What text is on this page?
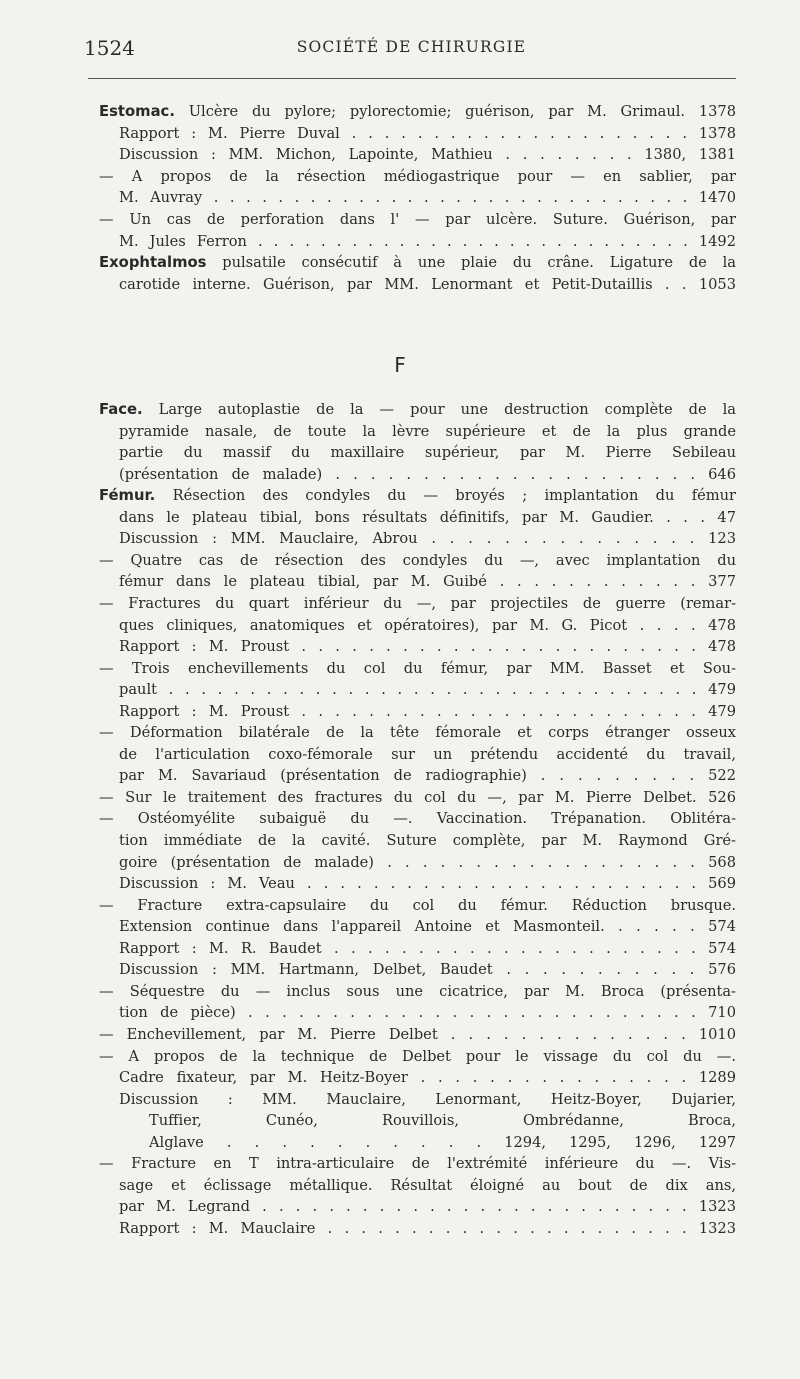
1524	SOCIÉTÉ DE CHIRURGIE
Estomac. Ulcère du pylore; pylorectomie; guérison, par M. Grimaul. 1378
Rapport : M. Pierre Duval . . . . . . . . . . . . . . . . . . . . . 1378
Discussion : MM. Michon, Lapointe, Mathieu . . . . . . . . 1380, 1381
— A propos de la résection médiogastrique pour — en sablier, par
M. Auvray . . . . . . . . . . . . . . . . . . . . . . . . . . . . . . 1470
— Un cas de perforation dans l' — par ulcère. Suture. Guérison, par
M. Jules Ferron . . . . . . . . . . . . . . . . . . . . . . . . . . . . 1492
Exophtalmos pulsatile consécutif à une plaie du crâne. Ligature de la
carotide interne. Guérison, par MM. Lenormant et Petit-Dutaillis . . 1053
F
Face. Large autoplastie de la — pour une destruction complète de la
pyramide nasale, de toute la lèvre supérieure et de la plus grande
partie du massif du maxillaire supérieur, par M. Pierre Sebileau
(présentation de malade) . . . . . . . . . . . . . . . . . . . . . 646
Fémur. Résection des condyles du — broyés ; implantation du fémur
dans le plateau tibial, bons résultats définitifs, par M. Gaudier. . . . 47
Discussion : MM. Mauclaire, Abrou . . . . . . . . . . . . . . . 123
— Quatre cas de résection des condyles du —, avec implantation du
fémur dans le plateau tibial, par M. Guibé . . . . . . . . . . . . 377
— Fractures du quart inférieur du —, par projectiles de guerre (remar-
ques cliniques, anatomiques et opératoires), par M. G. Picot . . . . 478
Rapport : M. Proust . . . . . . . . . . . . . . . . . . . . . . . . 478
— Trois enchevillements du col du fémur, par MM. Basset et Sou-
pault . . . . . . . . . . . . . . . . . . . . . . . . . . . . . . . . . 479
Rapport : M. Proust . . . . . . . . . . . . . . . . . . . . . . . . 479
— Déformation bilatérale de la tête fémorale et corps étranger osseux
de l'articulation coxo-fémorale sur un prétendu accidenté du travail,
par M. Savariaud (présentation de radiographie) . . . . . . . . . 522
— Sur le traitement des fractures du col du —, par M. Pierre Delbet. 526
— Ostéomyélite subaiguë du —. Vaccination. Trépanation. Oblitéra-
tion immédiate de la cavité. Suture complète, par M. Raymond Gré-
goire (présentation de malade) . . . . . . . . . . . . . . . . . . 568
Discussion : M. Veau . . . . . . . . . . . . . . . . . . . . . . . . 569
— Fracture extra-capsulaire du col du fémur. Réduction brusque.
Extension continue dans l'appareil Antoine et Masmonteil. . . . . . 574
Rapport : M. R. Baudet . . . . . . . . . . . . . . . . . . . . . . 574
Discussion : MM. Hartmann, Delbet, Baudet . . . . . . . . . . . 576
— Séquestre du — inclus sous une cicatrice, par M. Broca (présenta-
tion de pièce) . . . . . . . . . . . . . . . . . . . . . . . . . . . 710
— Enchevillement, par M. Pierre Delbet . . . . . . . . . . . . . . 1010
— A propos de la technique de Delbet pour le vissage du col du —.
Cadre fixateur, par M. Heitz-Boyer . . . . . . . . . . . . . . . . 1289
Discussion : MM. Mauclaire, Lenormant, Heitz-Boyer, Dujarier,
Tuffier, Cunéo, Rouvillois, Ombrédanne, Broca,
Alglave . . . . . . . . . . 1294, 1295, 1296, 1297
— Fracture en T intra-articulaire de l'extrémité inférieure du —. Vis-
sage et éclissage métallique. Résultat éloigné au bout de dix ans,
par M. Legrand . . . . . . . . . . . . . . . . . . . . . . . . . . 1323
Rapport : M. Mauclaire . . . . . . . . . . . . . . . . . . . . . . 1323
